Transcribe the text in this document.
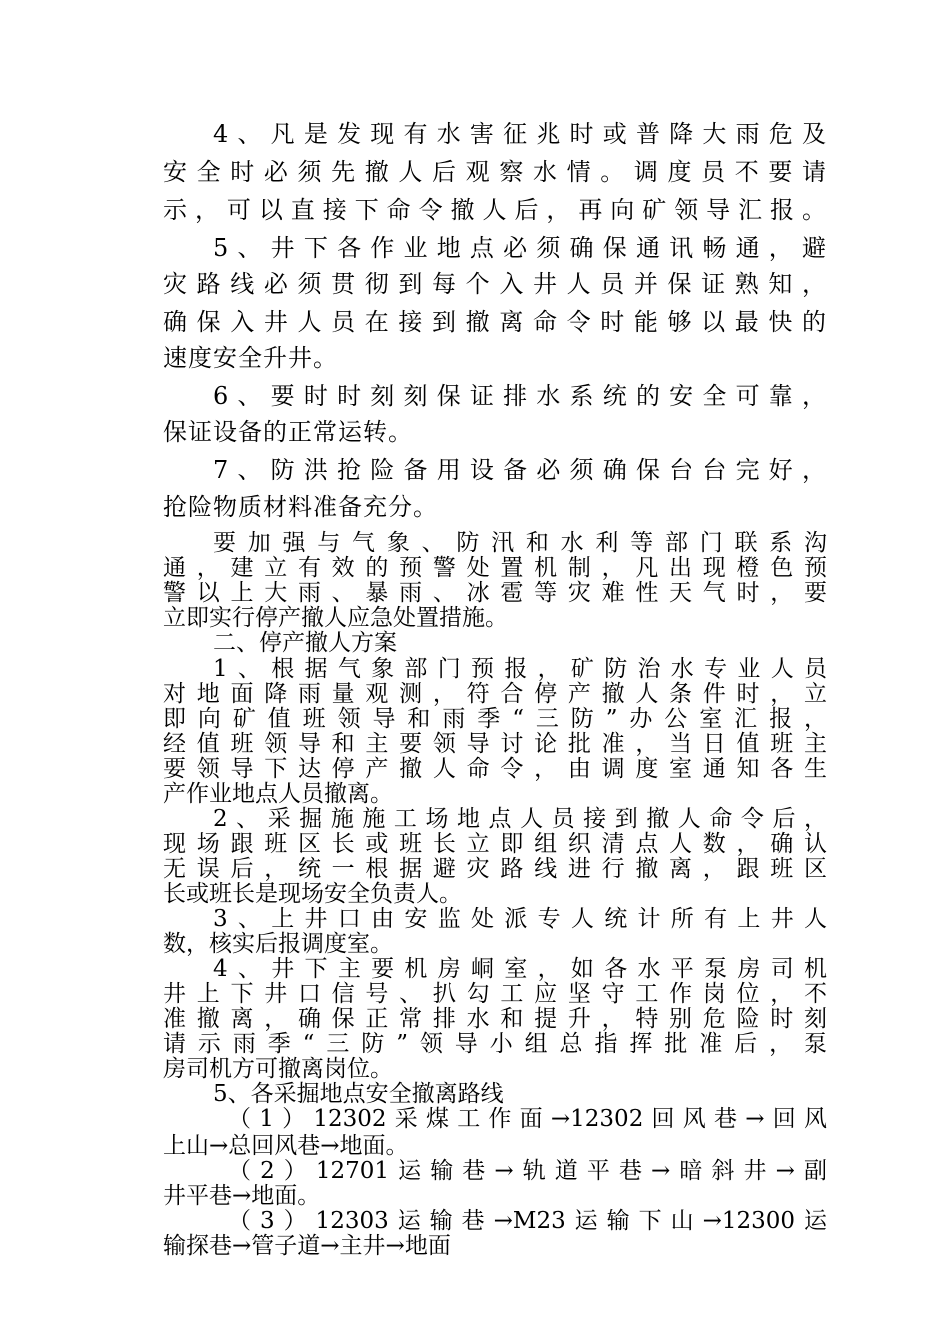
4、凡是发现有水害征兆时或普降大雨危及
安全时必须先撤人后观察水情。调度员不要请
示，可以直接下命令撤人后，再向矿领导汇报。
5、井下各作业地点必须确保通讯畅通，避
灾路线必须贯彻到每个入井人员并保证熟知，
确保入井人员在接到撤离命令时能够以最快的
速度安全升井。
6、要时时刻刻保证排水系统的安全可靠，
保证设备的正常运转。
7、防洪抢险备用设备必须确保台台完好，
抢险物质材料准备充分。
要加强与气象、防汛和水利等部门联系沟
通，建立有效的预警处置机制，凡出现橙色预
警以上大雨、暴雨、冰雹等灾难性天气时，要
立即实行停产撤人应急处置措施。
二、停产撤人方案
1、根据气象部门预报，矿防治水专业人员
对地面降雨量观测，符合停产撤人条件时，立
即向矿值班领导和雨季“三防”办公室汇报，
经值班领导和主要领导讨论批准，当日值班主
要领导下达停产撤人命令，由调度室通知各生
产作业地点人员撤离。
2、采掘施施工场地点人员接到撤人命令后，
现场跟班区长或班长立即组织清点人数，确认
无误后，统一根据避灾路线进行撤离，跟班区
长或班长是现场安全负责人。
3、上井口由安监处派专人统计所有上井人
数，核实后报调度室。
4、井下主要机房峒室，如各水平泵房司机
井上下井口信号、扒勾工应坚守工作岗位，不
准撤离，确保正常排水和提升，特别危险时刻
请示雨季“三防”领导小组总指挥批准后，泵
房司机方可撤离岗位。
5、各采掘地点安全撤离路线
（1）12302采煤工作面→12302回风巷→回风
上山→总回风巷→地面。
（2）12701运输巷→轨道平巷→暗斜井→副
井平巷→地面。
（3）12303运输巷→M23运输下山→12300运
输探巷→管子道→主井→地面
